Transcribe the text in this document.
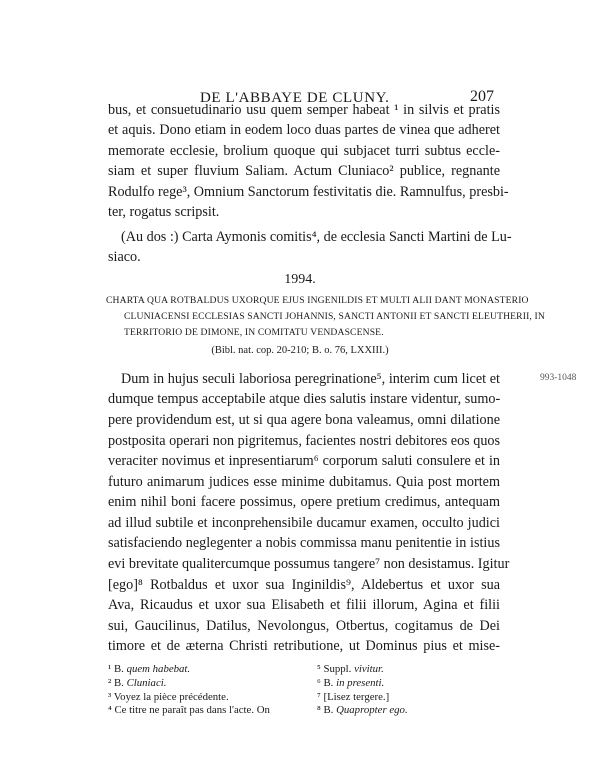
DE L'ABBAYE DE CLUNY.	207
bus, et consuetudinario usu quem semper habeat ¹ in silvis et pratis
et aquis. Dono etiam in eodem loco duas partes de vinea que adheret
memorate ecclesie, brolium quoque qui subjacet turri subtus eccle-
siam et super fluvium Saliam. Actum Cluniaco² publice, regnante
Rodulfo rege³, Omnium Sanctorum festivitatis die. Ramnulfus, presbi-
ter, rogatus scripsit.
(Au dos :) Carta Aymonis comitis⁴, de ecclesia Sancti Martini de Lu-
siaco.
1994.
CHARTA QUA ROTBALDUS UXORQUE EJUS INGENILDIS ET MULTI ALII DANT MONASTERIO
CLUNIACENSI ECCLESIAS SANCTI JOHANNIS, SANCTI ANTONII ET SANCTI ELEUTHERII, IN
TERRITORIO DE DIMONE, IN COMITATU VENDASCENSE.
(Bibl. nat. cop. 20-210; B. o. 76, LXXIII.)
993-1048
Dum in hujus seculi laboriosa peregrinatione⁵, interim cum licet et
dumque tempus acceptabile atque dies salutis instare videntur, sumo-
pere providendum est, ut si qua agere bona valeamus, omni dilatione
postposita operari non pigritemus, facientes nostri debitores eos quos
veraciter novimus et inpresentiarum⁶ corporum saluti consulere et in
futuro animarum judices esse minime dubitamus. Quia post mortem
enim nihil boni facere possimus, opere pretium credimus, antequam
ad illud subtile et inconprehensibile ducamur examen, occulto judici
satisfaciendo neglegenter a nobis commissa manu penitentie in istius
evi brevitate qualitercumque possumus tangere⁷ non desistamus. Igitur
[ego]⁸ Rotbaldus et uxor sua Inginildis⁹, Aldebertus et uxor sua
Ava, Ricaudus et uxor sua Elisabeth et filii illorum, Agina et filii
sui, Gaucilinus, Datilus, Nevolongus, Otbertus, cogitamus de Dei
timore et de æterna Christi retributione, ut Dominus pius et mise-
¹ B. quem habebat.
² B. Cluniaci.
³ Voyez la pièce précédente.
⁴ Ce titre ne paraît pas dans l'acte. On
⁵ Suppl. vivitur.
⁶ B. in presenti.
⁷ [Lisez tergere.]
⁸ B. Quapropter ego.
